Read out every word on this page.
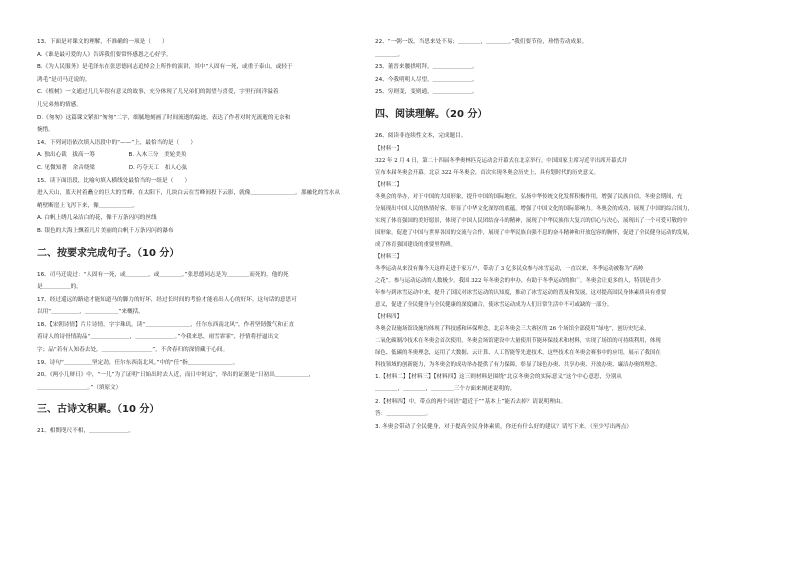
13、下面是对课文的理解，不准确的一项是（　　）
A.《谁是最可爱的人》告诉我们要常怀感恩之心好学。
B.《为人民服务》是毛泽东在张思德同志追悼会上所作的演讲，其中“人固有一死，或重于泰山，或轻于
鸿毛”是司马迁说的。
C.《植树》一文通过儿几年很有意义的故事，充分体现了儿兄弟们的渴望与喜爱，字里行间洋溢着
儿兄弟热的情感。
D.《匆匆》这篇课文紧扣“匆匆”二字，细腻地刻画了时间流逝的踪迹，表达了作者对时光流逝的无奈和
惋惜。
14、下列词语依次填入语段中的“——”上，最恰当的是（　　）
A. 独出心裁　拔高一筹　　　　　　B. 入木三分　美轮美奂
C. 见微知著　余音绕梁　　　　　　D. 巧夺天工　扣人心弦
15、读下面语段，比喻句填入横线处最恰当的一组是（　　）
进入天山，蓝天衬着矗立的巨大的雪峰，在太阳下，几块白云在雪峰间投下云影，就像＿＿＿＿＿＿＿＿。那融化的雪水从
峭壁断崖上飞泻下来，像＿＿＿＿＿＿。
A. 白帆上绣几朵洁白的花，像千万条闪闪的丝线
B. 银色的大海上飘着几片美丽的白帆千万条闪闪的瀑布
二、按要求完成句子。（10 分）
16、司马迁说过：“人固有一死，或＿＿＿＿，或＿＿＿＿。”张思德同志是为＿＿＿＿而死的，他的死
是＿＿＿＿＿的。
17、经过遥远的路途才能知道马的脚力的好坏，经过长时间的考验才能看出人心的好坏。这句话的意思可
以用“＿＿＿＿＿，＿＿＿＿＿＿”来概括。
18、【宋朝诗情】片片诗情，字字珠玑。读“＿＿＿＿＿＿＿＿，任尔东西南北风”，作者坚韧傲气和正直
着诗人的诗骨情韵品“＿＿＿＿＿＿＿，＿＿＿＿＿＿＿。”今我来思，雨雪霏霏”，抒情将抒逼出文
字；品“若有人知春去处，＿＿＿＿＿＿＿＿＿”，不舍春归的深情藏于心间。
19、诗句“＿＿＿＿＿坚定劲，任尔东西南北风。”中的“任”指＿＿＿＿＿＿＿＿。
20、《两小儿辩日》中，“一儿”为了证明“日始出时去人近，而日中时远”，举出的证据是“日初出＿＿＿＿＿＿，
＿＿＿＿＿＿＿＿＿。”（填原文）
三、古诗文积累。（10 分）
21、相関咫尺不相，＿＿＿＿＿＿＿。
22、“一粥一饭，当思来处不易；＿＿＿＿，＿＿＿＿。”我们要节俭，珍惜劳动成果。
＿＿＿＿。
23、董晋来腰拱明拜，＿＿＿＿＿＿＿。
24、今我明明人尽望，＿＿＿＿＿＿＿。
25、穷则变，变则通，＿＿＿＿＿＿＿。
四、阅读理解。（20 分）
26、阅读非连续性文本，完成题目。
【材料一】
322 年 2 月 4 日，第二十四届冬季奥林匹克运动会开幕式在北京举行。中国国家主席习近平出席开幕式并
宣布本届冬奥会开幕。北京 322 年冬奥会，首次实现冬奥会历史上，具有划时代的历史意义。
【材料二】
冬奥会的举办，对于中国的大国形象，提升中国的国际地位，弘扬中华传统文化发挥积极作用，增强了民族自信。冬奥会期间，充
分展现出中国人民的热情好客，彰显了中华文化深厚的底蕴，增强了中国文化的国际影响力。冬奥会的成功，展现了中国的综合国力，
实现了体育强国的美好愿景，体现了中国人民团结奋斗的精神，展现了中华民族伟大复兴的信心与决心，展现出了一个可爱可敬的中
国形象，促进了中国与世界各国的交流与合作，展现了中华民族自强不息的奋斗精神和开放包容的胸怀，促进了全民健身运动的发展，
成了体育强国建设的重要里程碑。
【材料三】
冬季运动从来没有像今天这样走进千家万户，带动了 3 亿多民众参与冰雪运动，一直以来，冬季运动被称为“高岭
之花”。参与运动运动的人数极少。我国 322 年冬奥会的申办，有助于冬季运动的推广。冬奥会让更多的人，特别是青少
年参与到冰雪运动中来，提升了国民对冰雪运动的认知度，推动了冰雪运动的普及和发展，这对提高国民身体素质具有重要
意义，促进了全民健身与全民健康的深度融合，使冰雪运动成为人们日常生活中不可或缺的一部分。
【材料四】
冬奥会设施场馆设施均体现了科技感和环保理念，北京冬奥会三大赛区的 26 个场馆全部使用“绿电”，创历史纪录，
二氧化碳制冷技术在冬奥会首次使用，冬奥会场馆建设中大量使用节能环保技术和材料，实现了场馆的可持续利用，体现
绿色、低碳的冬奥理念，运用了大数据、云计算、人工智能等先进技术，这些技术在冬奥会赛事中的应用，展示了我国在
科技领域的创新能力，为冬奥会的成功举办提供了有力保障，彰显了绿色办奥、共享办奥、开放办奥、廉洁办奥的理念。
1.【材料二】【材料三】【材料四】这三则材料是围绕“北京冬奥会的实际意义”这个中心意思，分别从
＿＿＿＿，＿＿＿＿，＿＿＿＿三个方面来阐述说明的。
2.【材料四】中，带点的两个词语“超近于”“基本上”能否去掉？请说明理由。
答：＿＿＿＿＿＿＿。
3. 冬奥会带动了全民健身，对于提高全民身体素质，你还有什么好的建议？请写下来。（至少写出两点）
